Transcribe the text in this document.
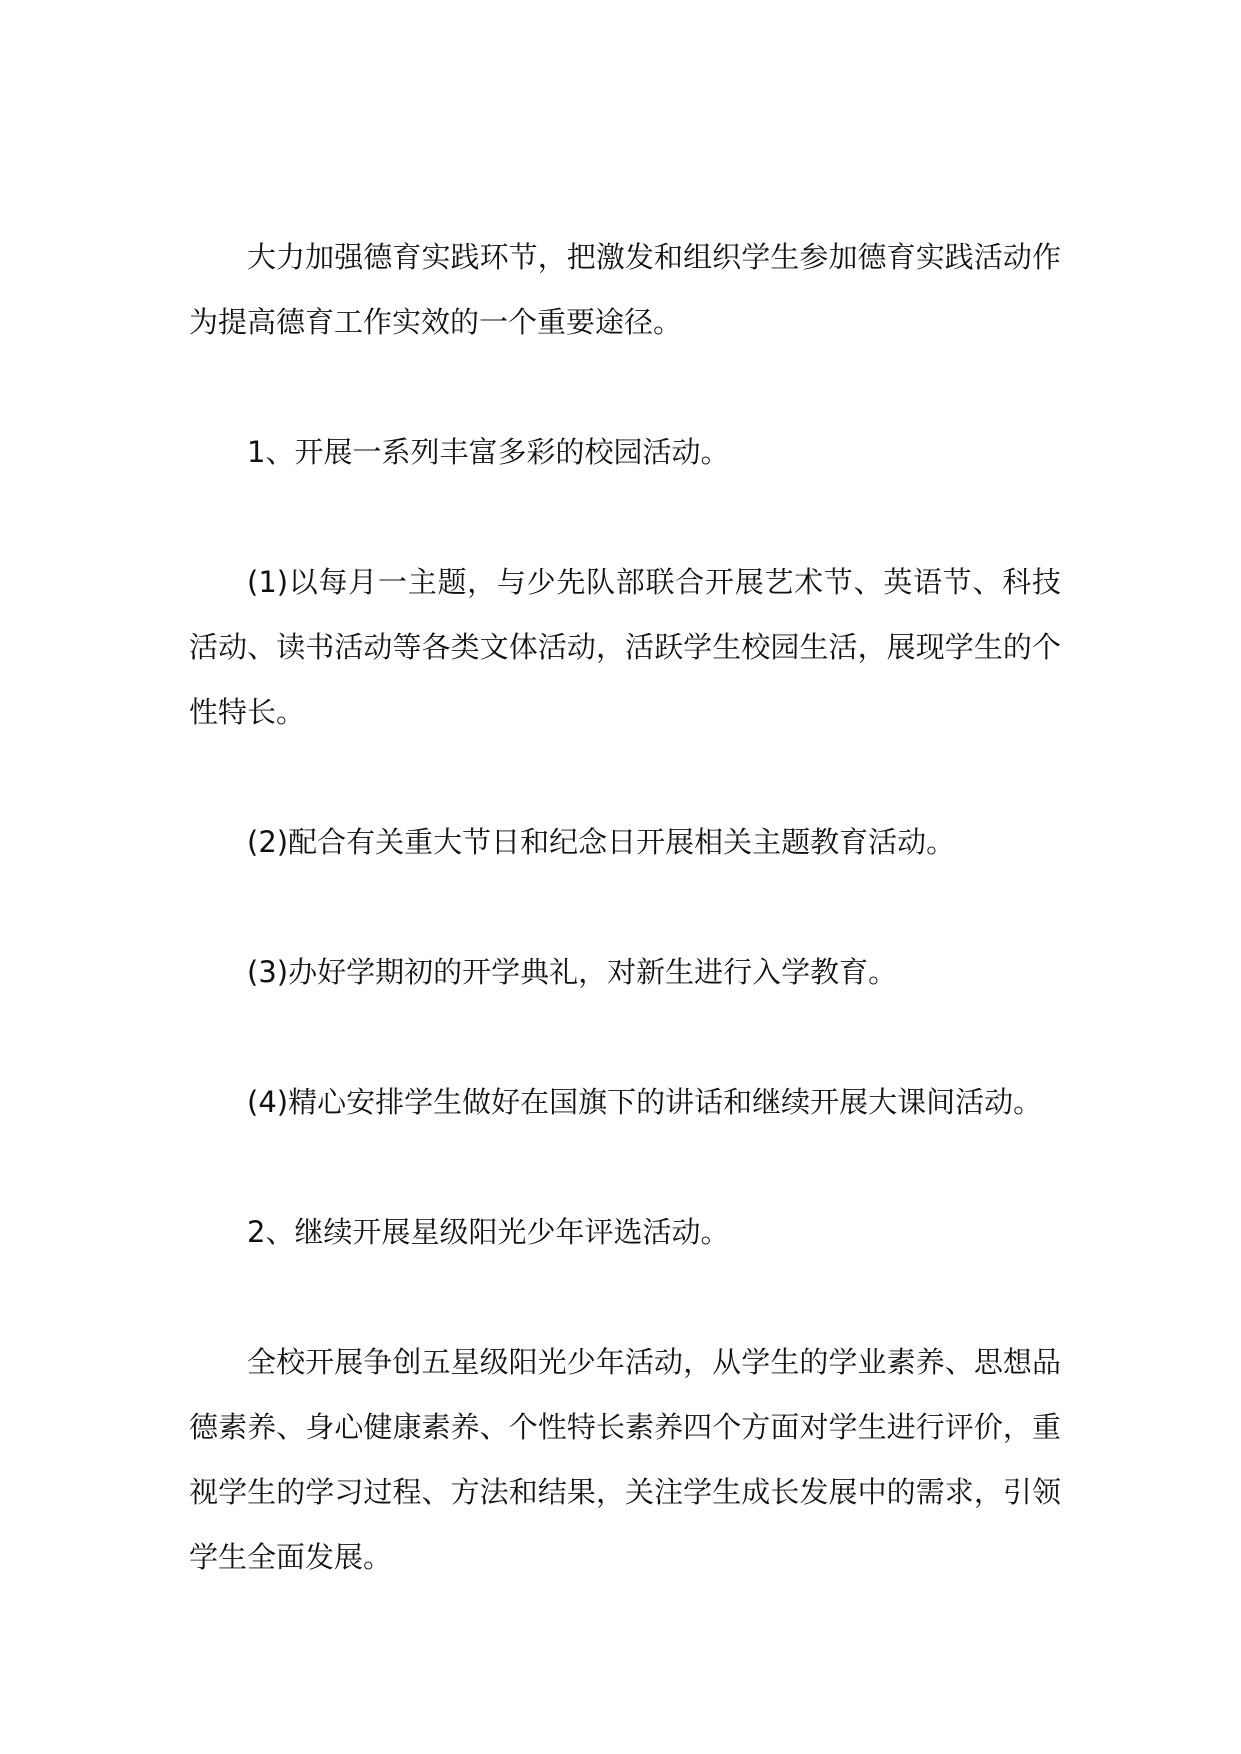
大力加强德育实践环节，把激发和组织学生参加德育实践活动作为提高德育工作实效的一个重要途径。

1、开展一系列丰富多彩的校园活动。

(1)以每月一主题，与少先队部联合开展艺术节、英语节、科技活动、读书活动等各类文体活动，活跃学生校园生活，展现学生的个性特长。

(2)配合有关重大节日和纪念日开展相关主题教育活动。

(3)办好学期初的开学典礼，对新生进行入学教育。

(4)精心安排学生做好在国旗下的讲话和继续开展大课间活动。

2、继续开展星级阳光少年评选活动。

全校开展争创五星级阳光少年活动，从学生的学业素养、思想品德素养、身心健康素养、个性特长素养四个方面对学生进行评价，重视学生的学习过程、方法和结果，关注学生成长发展中的需求，引领学生全面发展。
